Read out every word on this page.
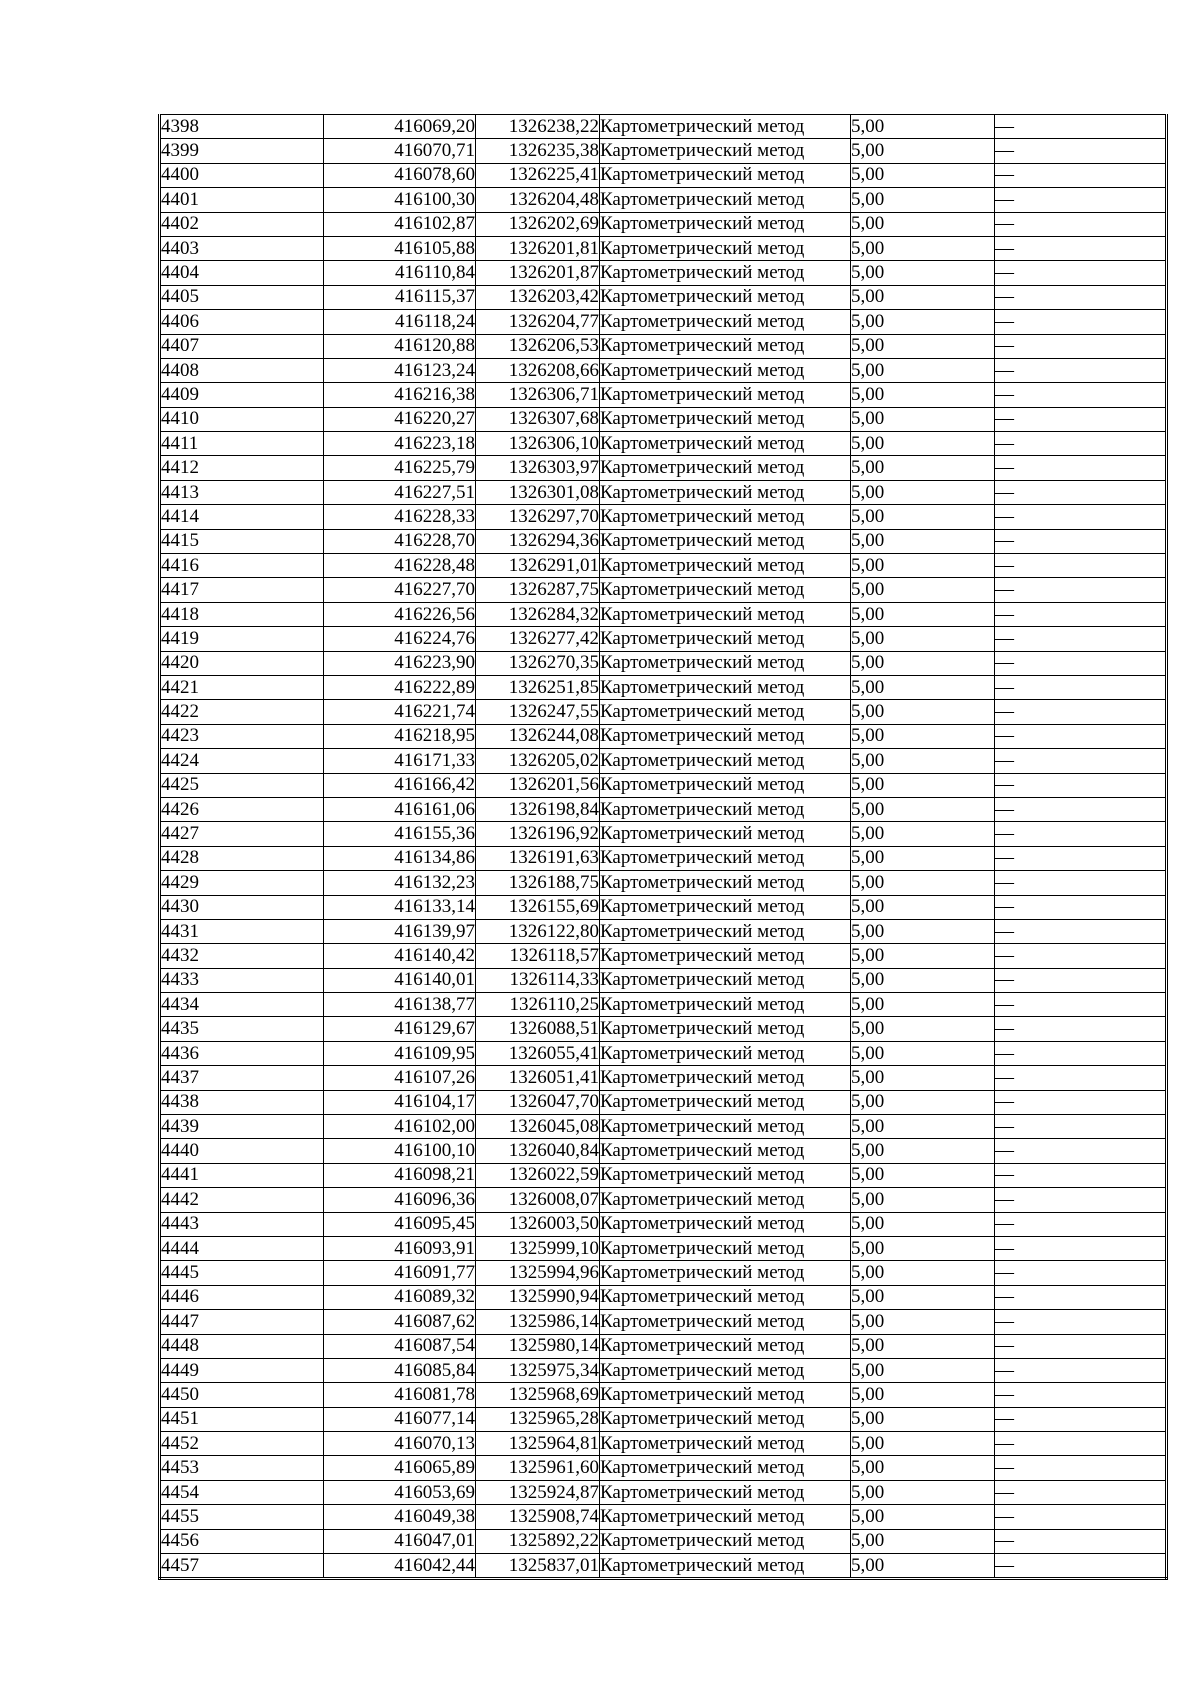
4398	416069,20	1326238,22	Картометрический метод	5,00	—
4399	416070,71	1326235,38	Картометрический метод	5,00	—
4400	416078,60	1326225,41	Картометрический метод	5,00	—
4401	416100,30	1326204,48	Картометрический метод	5,00	—
4402	416102,87	1326202,69	Картометрический метод	5,00	—
4403	416105,88	1326201,81	Картометрический метод	5,00	—
4404	416110,84	1326201,87	Картометрический метод	5,00	—
4405	416115,37	1326203,42	Картометрический метод	5,00	—
4406	416118,24	1326204,77	Картометрический метод	5,00	—
4407	416120,88	1326206,53	Картометрический метод	5,00	—
4408	416123,24	1326208,66	Картометрический метод	5,00	—
4409	416216,38	1326306,71	Картометрический метод	5,00	—
4410	416220,27	1326307,68	Картометрический метод	5,00	—
4411	416223,18	1326306,10	Картометрический метод	5,00	—
4412	416225,79	1326303,97	Картометрический метод	5,00	—
4413	416227,51	1326301,08	Картометрический метод	5,00	—
4414	416228,33	1326297,70	Картометрический метод	5,00	—
4415	416228,70	1326294,36	Картометрический метод	5,00	—
4416	416228,48	1326291,01	Картометрический метод	5,00	—
4417	416227,70	1326287,75	Картометрический метод	5,00	—
4418	416226,56	1326284,32	Картометрический метод	5,00	—
4419	416224,76	1326277,42	Картометрический метод	5,00	—
4420	416223,90	1326270,35	Картометрический метод	5,00	—
4421	416222,89	1326251,85	Картометрический метод	5,00	—
4422	416221,74	1326247,55	Картометрический метод	5,00	—
4423	416218,95	1326244,08	Картометрический метод	5,00	—
4424	416171,33	1326205,02	Картометрический метод	5,00	—
4425	416166,42	1326201,56	Картометрический метод	5,00	—
4426	416161,06	1326198,84	Картометрический метод	5,00	—
4427	416155,36	1326196,92	Картометрический метод	5,00	—
4428	416134,86	1326191,63	Картометрический метод	5,00	—
4429	416132,23	1326188,75	Картометрический метод	5,00	—
4430	416133,14	1326155,69	Картометрический метод	5,00	—
4431	416139,97	1326122,80	Картометрический метод	5,00	—
4432	416140,42	1326118,57	Картометрический метод	5,00	—
4433	416140,01	1326114,33	Картометрический метод	5,00	—
4434	416138,77	1326110,25	Картометрический метод	5,00	—
4435	416129,67	1326088,51	Картометрический метод	5,00	—
4436	416109,95	1326055,41	Картометрический метод	5,00	—
4437	416107,26	1326051,41	Картометрический метод	5,00	—
4438	416104,17	1326047,70	Картометрический метод	5,00	—
4439	416102,00	1326045,08	Картометрический метод	5,00	—
4440	416100,10	1326040,84	Картометрический метод	5,00	—
4441	416098,21	1326022,59	Картометрический метод	5,00	—
4442	416096,36	1326008,07	Картометрический метод	5,00	—
4443	416095,45	1326003,50	Картометрический метод	5,00	—
4444	416093,91	1325999,10	Картометрический метод	5,00	—
4445	416091,77	1325994,96	Картометрический метод	5,00	—
4446	416089,32	1325990,94	Картометрический метод	5,00	—
4447	416087,62	1325986,14	Картометрический метод	5,00	—
4448	416087,54	1325980,14	Картометрический метод	5,00	—
4449	416085,84	1325975,34	Картометрический метод	5,00	—
4450	416081,78	1325968,69	Картометрический метод	5,00	—
4451	416077,14	1325965,28	Картометрический метод	5,00	—
4452	416070,13	1325964,81	Картометрический метод	5,00	—
4453	416065,89	1325961,60	Картометрический метод	5,00	—
4454	416053,69	1325924,87	Картометрический метод	5,00	—
4455	416049,38	1325908,74	Картометрический метод	5,00	—
4456	416047,01	1325892,22	Картометрический метод	5,00	—
4457	416042,44	1325837,01	Картометрический метод	5,00	—
